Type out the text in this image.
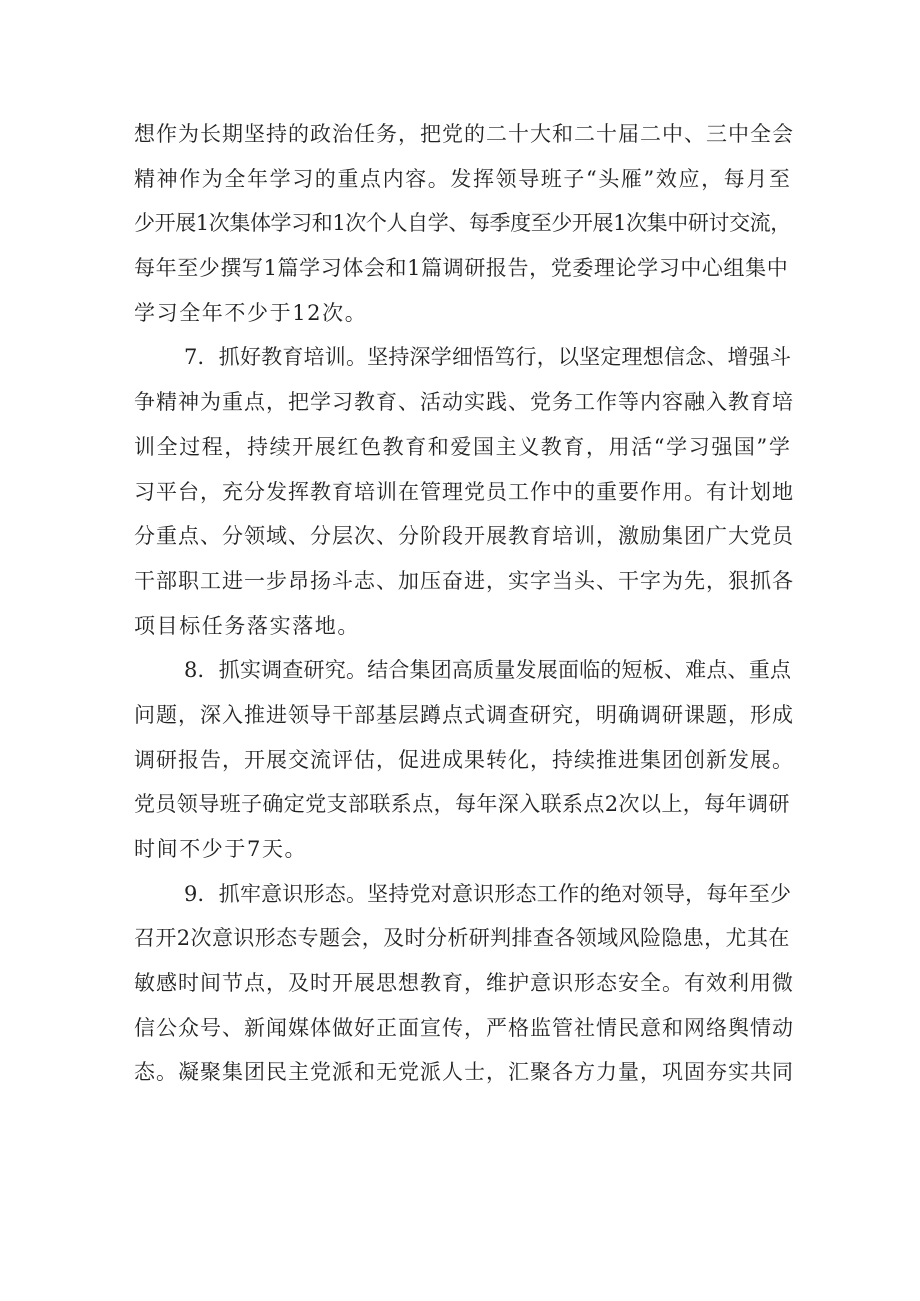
想作为长期坚持的政治任务，把党的二十大和二十届二中、三中全会
精神作为全年学习的重点内容。发挥领导班子“头雁”效应，每月至
少开展1次集体学习和1次个人自学、每季度至少开展1次集中研讨交流，
每年至少撰写1篇学习体会和1篇调研报告，党委理论学习中心组集中
学习全年不少于12次。
7．抓好教育培训。坚持深学细悟笃行，以坚定理想信念、增强斗
争精神为重点，把学习教育、活动实践、党务工作等内容融入教育培
训全过程，持续开展红色教育和爱国主义教育，用活“学习强国”学
习平台，充分发挥教育培训在管理党员工作中的重要作用。有计划地
分重点、分领域、分层次、分阶段开展教育培训，激励集团广大党员
干部职工进一步昂扬斗志、加压奋进，实字当头、干字为先，狠抓各
项目标任务落实落地。
8．抓实调查研究。结合集团高质量发展面临的短板、难点、重点
问题，深入推进领导干部基层蹲点式调查研究，明确调研课题，形成
调研报告，开展交流评估，促进成果转化，持续推进集团创新发展。
党员领导班子确定党支部联系点，每年深入联系点2次以上，每年调研
时间不少于7天。
9．抓牢意识形态。坚持党对意识形态工作的绝对领导，每年至少
召开2次意识形态专题会，及时分析研判排查各领域风险隐患，尤其在
敏感时间节点，及时开展思想教育，维护意识形态安全。有效利用微
信公众号、新闻媒体做好正面宣传，严格监管社情民意和网络舆情动
态。凝聚集团民主党派和无党派人士，汇聚各方力量，巩固夯实共同
